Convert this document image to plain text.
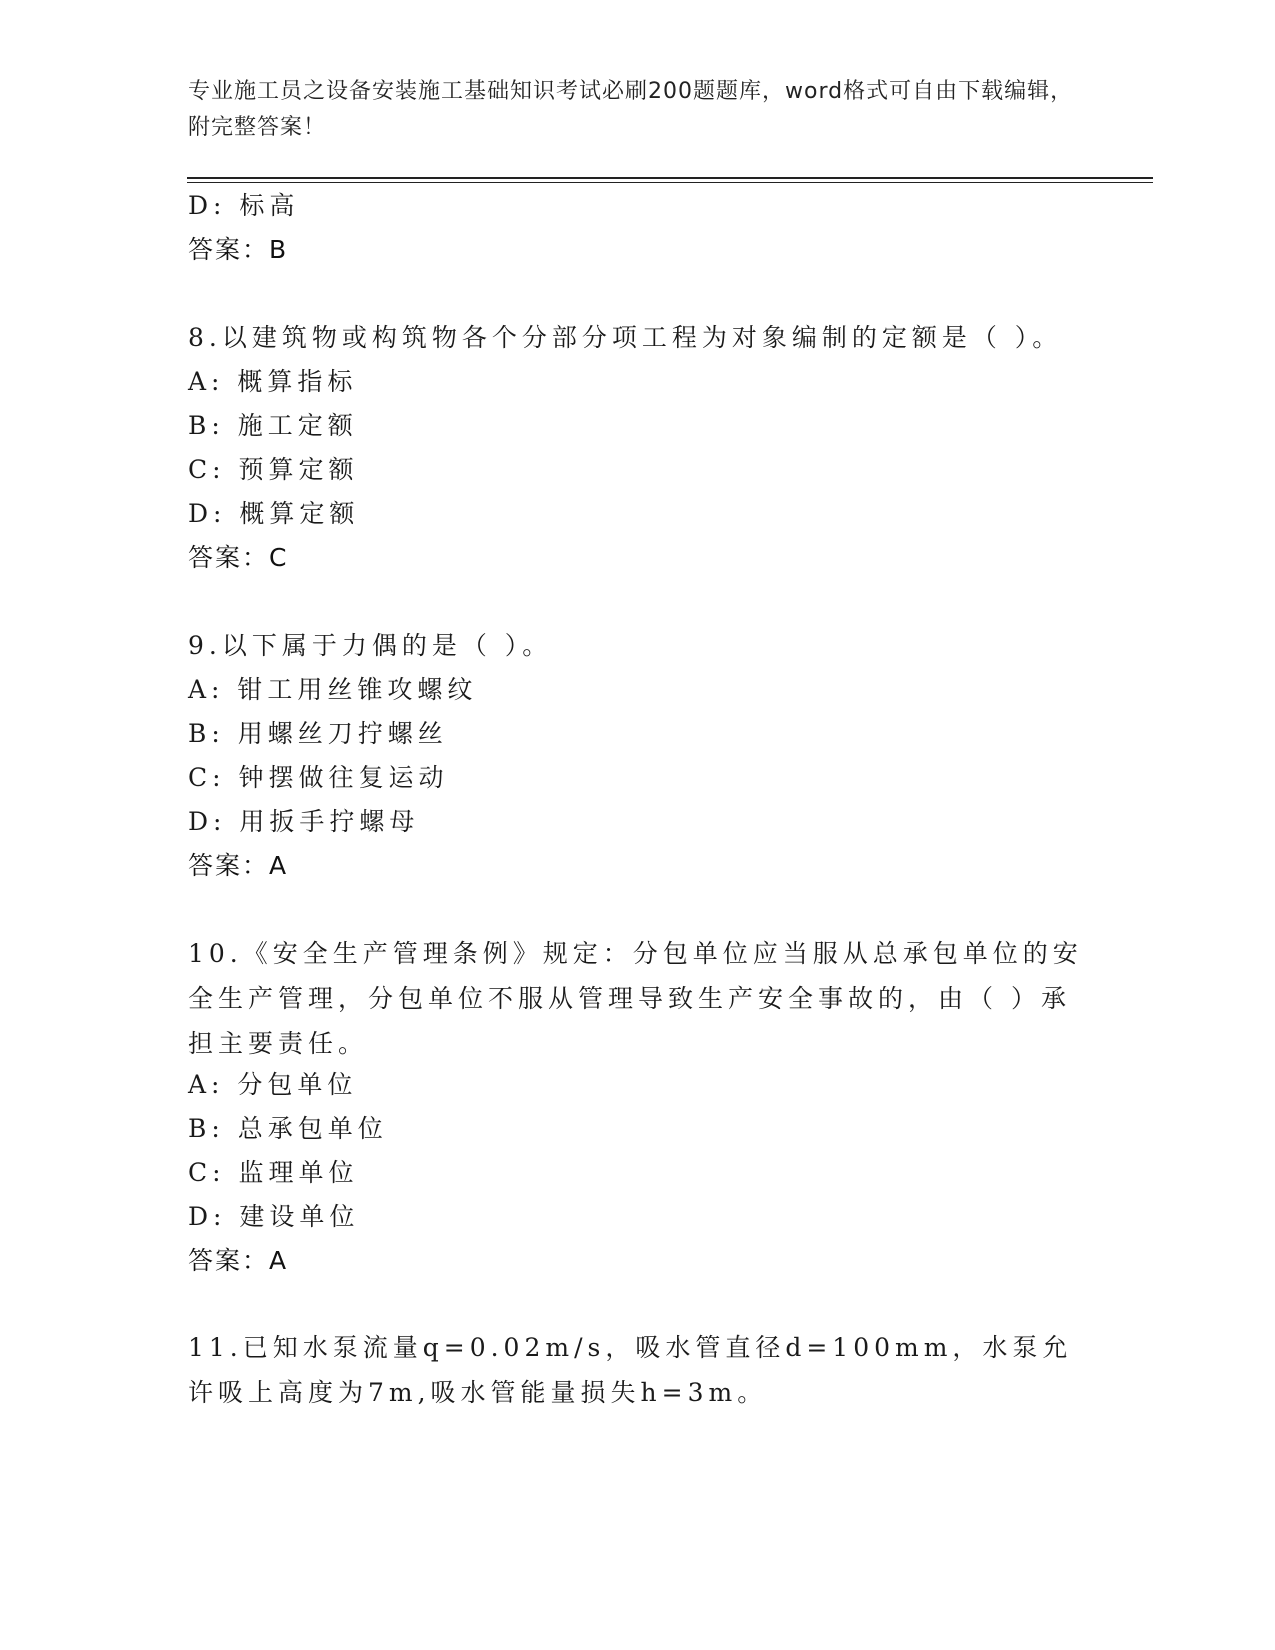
专业施工员之设备安装施工基础知识考试必刷200题题库，word格式可自由下载编辑，附完整答案！
D: 标高
答案：B
8.以建筑物或构筑物各个分部分项工程为对象编制的定额是（ ）。
A: 概算指标
B: 施工定额
C: 预算定额
D: 概算定额
答案：C
9.以下属于力偶的是（ ）。
A: 钳工用丝锥攻螺纹
B: 用螺丝刀拧螺丝
C: 钟摆做往复运动
D: 用扳手拧螺母
答案：A
10.《安全生产管理条例》规定：分包单位应当服从总承包单位的安全生产管理，分包单位不服从管理导致生产安全事故的，由（ ）承担主要责任。
A: 分包单位
B: 总承包单位
C: 监理单位
D: 建设单位
答案：A
11.已知水泵流量q=0.02m/s，吸水管直径d=100mm，水泵允许吸上高度为7m,吸水管能量损失h=3m。
